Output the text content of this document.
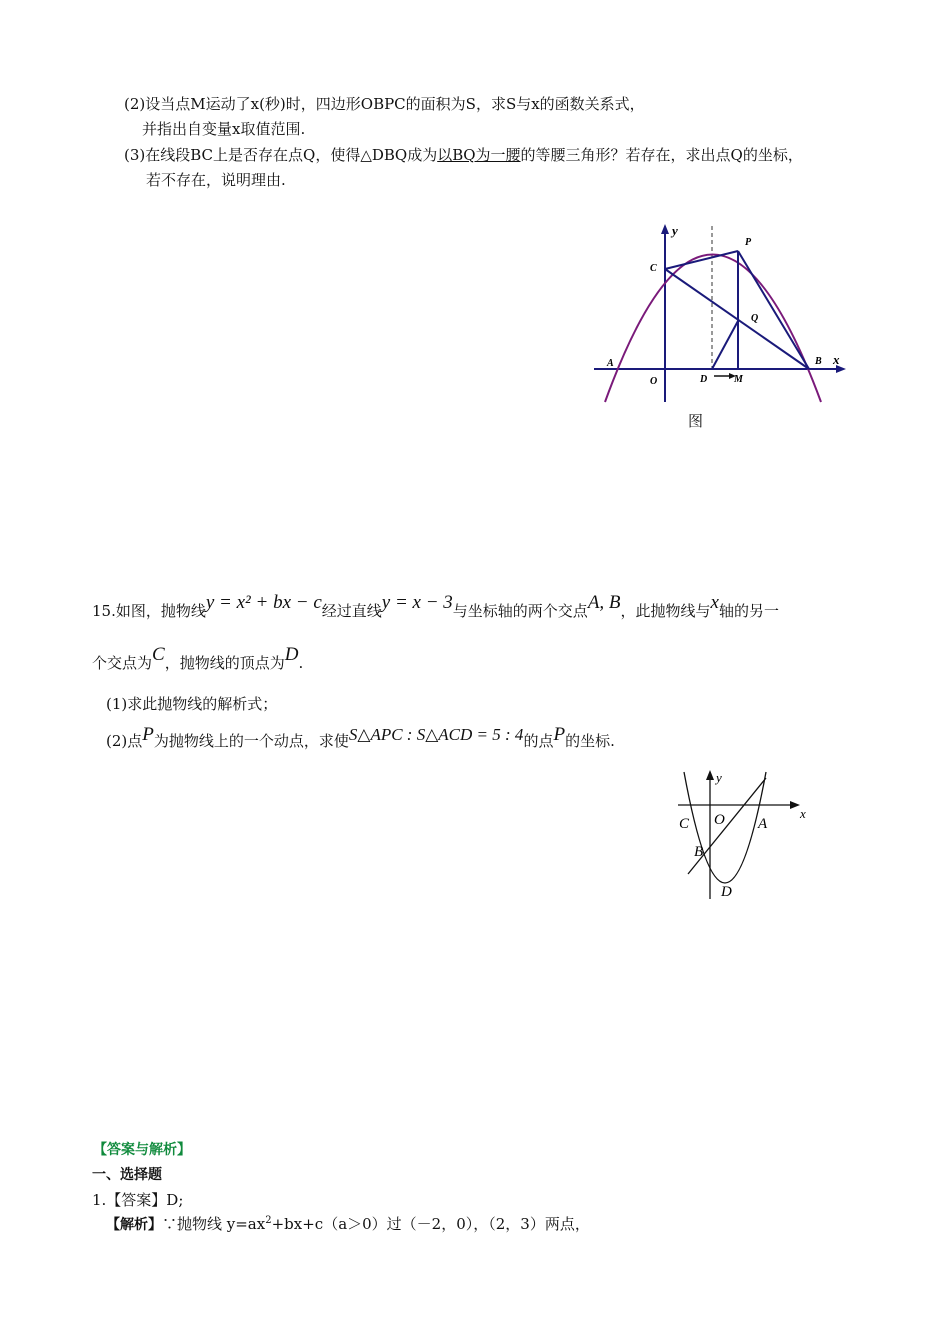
(2)设当点M运动了x(秒)时，四边形OBPC的面积为S，求S与x的函数关系式，
并指出自变量x取值范围.
(3)在线段BC上是否存在点Q，使得△DBQ成为以BQ为一腰的等腰三角形？若存在，求出点Q的坐标，
若不存在，说明理由.
y
x
P
C
Q
A	B
O	D	M
图
15.如图，抛物线y = x² + bx − c经过直线y = x − 3与坐标轴的两个交点A, B，此抛物线与x轴的另一
个交点为C，抛物线的顶点为D.
(1)求此抛物线的解析式；
(2)点P为抛物线上的一个动点，求使S△APC : S△ACD = 5 : 4的点P的坐标.
y
x
C O A
B
D
【答案与解析】
一、选择题
1.【答案】D;
【解析】∵抛物线 $y=ax^2+bx+c(a>0)$过（－2，0），（2，3）两点，
